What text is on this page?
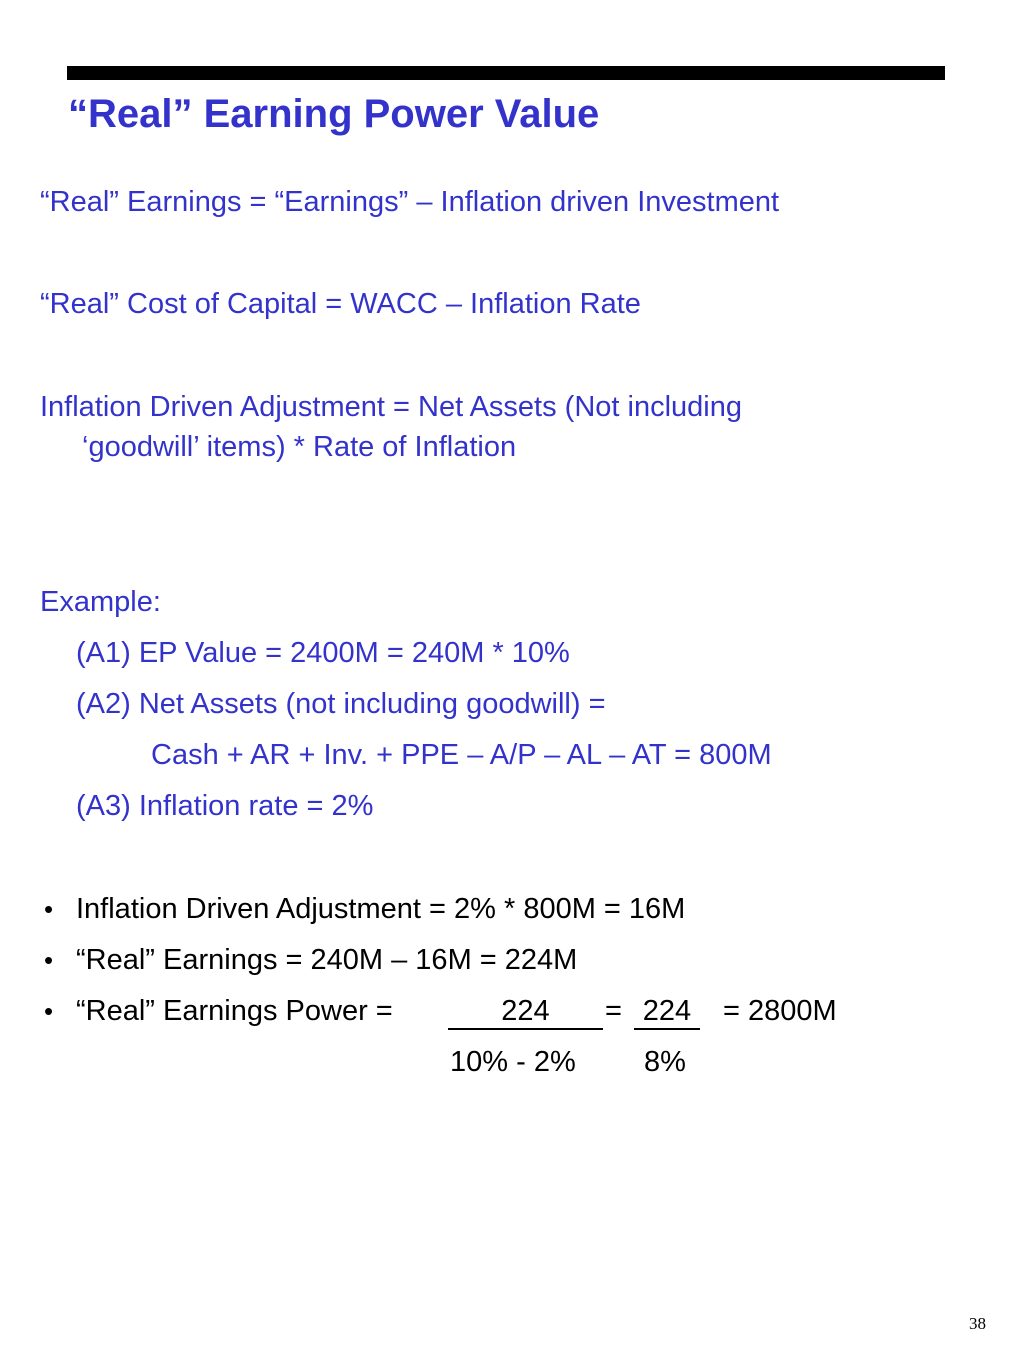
“Real” Earning Power Value

“Real” Earnings = “Earnings” – Inflation driven Investment

“Real” Cost of Capital = WACC – Inflation Rate

Inflation Driven Adjustment = Net Assets (Not including

‘goodwill’ items) * Rate of Inflation

Example:

(A1) EP Value = 2400M = 240M * 10%

(A2) Net Assets (not including goodwill) =

Cash + AR + Inv. + PPE – A/P – AL – AT = 800M

(A3) Inflation rate = 2%

• Inflation Driven Adjustment = 2% * 800M = 16M

• “Real” Earnings = 240M – 16M = 224M

• “Real” Earnings Power =	224	= 224	= 2800M
10% - 2% 8%
38
